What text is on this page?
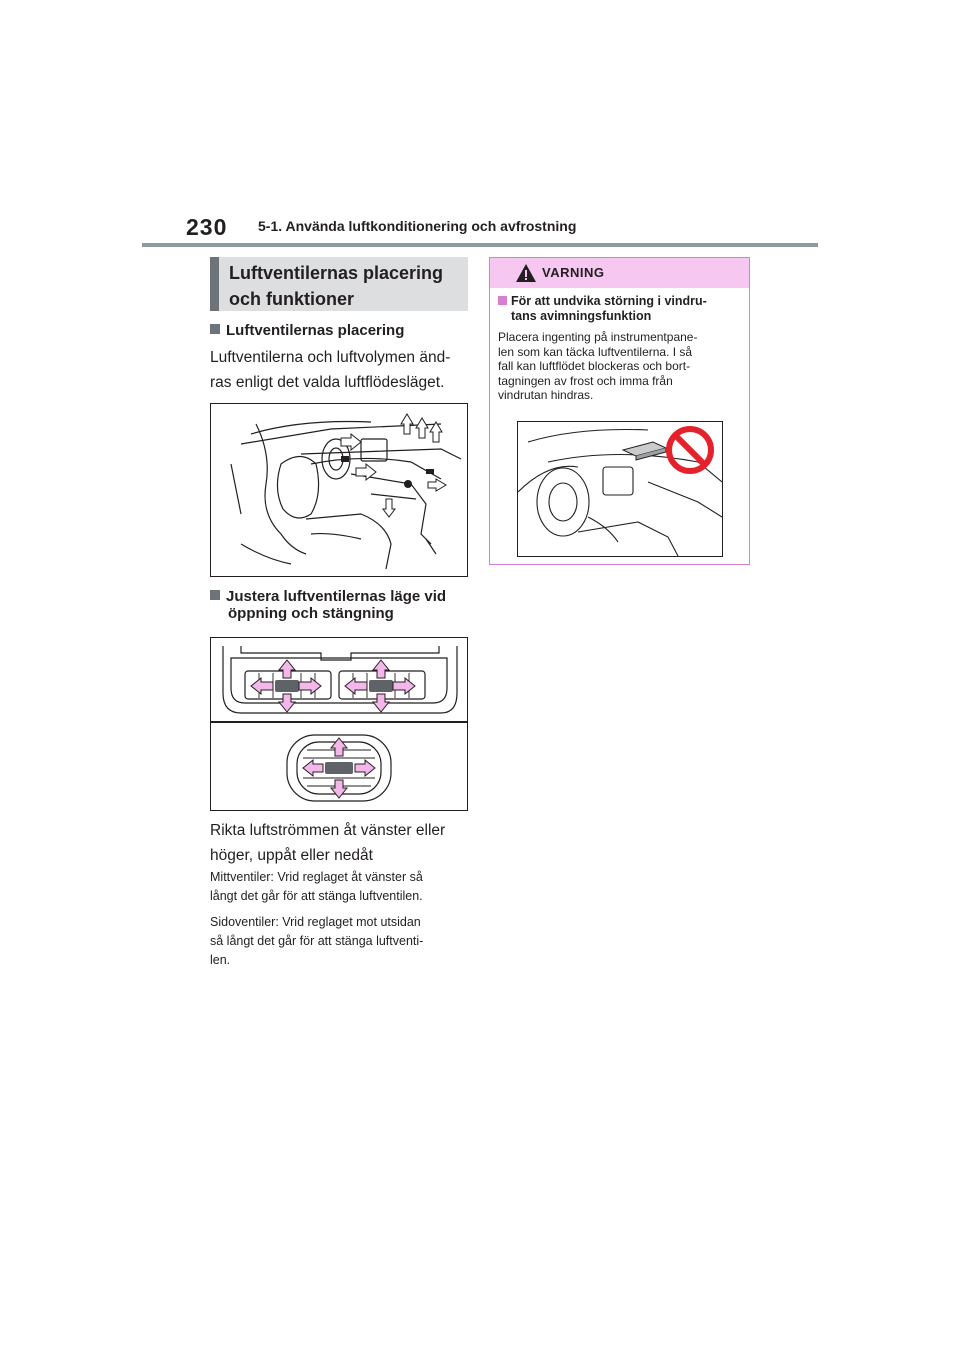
230 5-1. Använda luftkonditionering och avfrostning
Luftventilernas placering
och funktioner
Luftventilernas placering
Luftventilerna och luftvolymen änd-
ras enligt det valda luftflödesläget.
Justera luftventilernas läge vid
öppning och stängning
Rikta luftströmmen åt vänster eller
höger, uppåt eller nedåt
Mittventiler: Vrid reglaget åt vänster så
långt det går för att stänga luftventilen.
Sidoventiler: Vrid reglaget mot utsidan
så långt det går för att stänga luftventi-
len.
VARNING
För att undvika störning i vindru-
tans avimningsfunktion
Placera ingenting på instrumentpane-
len som kan täcka luftventilerna. I så
fall kan luftflödet blockeras och bort-
tagningen av frost och imma från
vindrutan hindras.
